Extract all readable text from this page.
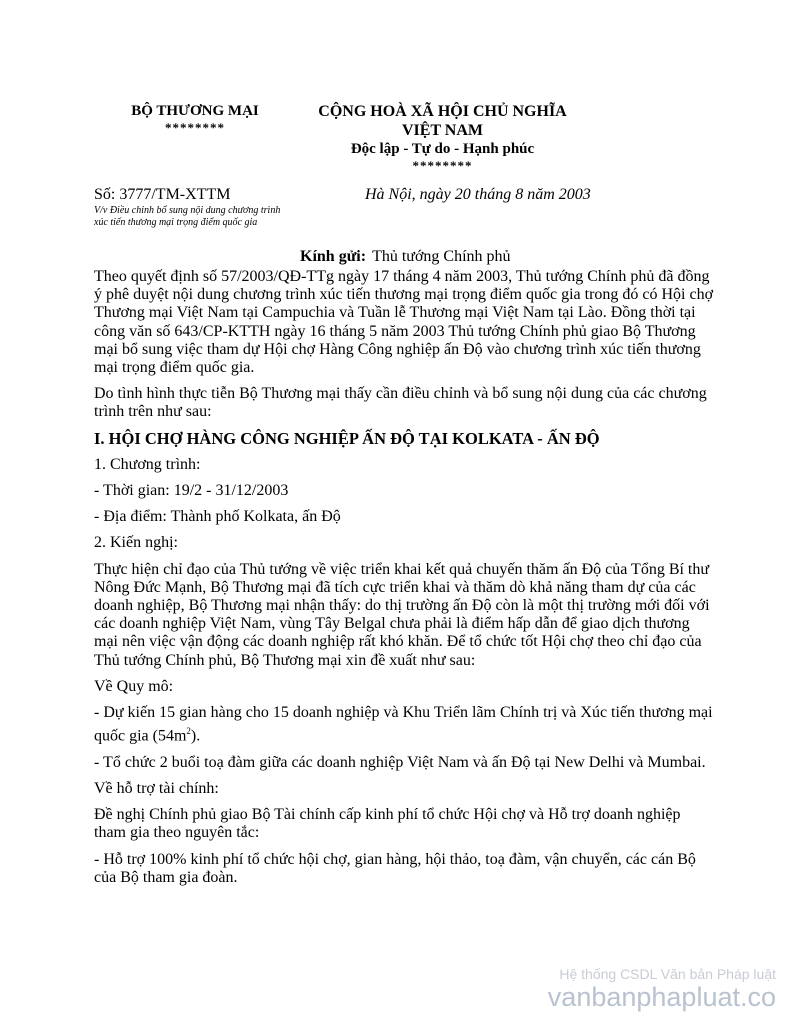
BỘ THƯƠNG MẠI
********
CỘNG HOÀ XÃ HỘI CHỦ NGHĨA
VIỆT NAM
Độc lập - Tự do - Hạnh phúc
********
Số: 3777/TM-XTTM
V/v Điều chỉnh bổ sung nội dung chương trình xúc tiến thương mại trọng điểm quốc gia
Hà Nội, ngày 20 tháng 8 năm 2003
Kính gửi: Thủ tướng Chính phủ

Theo quyết định số 57/2003/QĐ-TTg ngày 17 tháng 4 năm 2003, Thủ tướng Chính phủ đã đồng ý phê duyệt nội dung chương trình xúc tiến thương mại trọng điểm quốc gia trong đó có Hội chợ Thương mại Việt Nam tại Campuchia và Tuần lễ Thương mại Việt Nam tại Lào. Đồng thời tại công văn số 643/CP-KTTH ngày 16 tháng 5 năm 2003 Thủ tướng Chính phủ giao Bộ Thương mại bổ sung việc tham dự Hội chợ Hàng Công nghiệp ấn Độ vào chương trình xúc tiến thương mại trọng điểm quốc gia.

Do tình hình thực tiễn Bộ Thương mại thấy cần điều chỉnh và bổ sung nội dung của các chương trình trên như sau:

I. HỘI CHỢ HÀNG CÔNG NGHIỆP ẤN ĐỘ TẠI KOLKATA - ẤN ĐỘ

1. Chương trình:

- Thời gian: 19/2 - 31/12/2003

- Địa điểm: Thành phố Kolkata, ấn Độ

2. Kiến nghị:

Thực hiện chỉ đạo của Thủ tướng về việc triển khai kết quả chuyến thăm ấn Độ của Tổng Bí thư Nông Đức Mạnh, Bộ Thương mại đã tích cực triển khai và thăm dò khả năng tham dự của các doanh nghiệp, Bộ Thương mại nhận thấy: do thị trường ấn Độ còn là một thị trường mới đối với các doanh nghiệp Việt Nam, vùng Tây Belgal chưa phải là điểm hấp dẫn để giao dịch thương mại nên việc vận động các doanh nghiệp rất khó khăn. Để tổ chức tốt Hội chợ theo chỉ đạo của Thủ tướng Chính phủ, Bộ Thương mại xin đề xuất như sau:

Về Quy mô:

- Dự kiến 15 gian hàng cho 15 doanh nghiệp và Khu Triển lãm Chính trị và Xúc tiến thương mại quốc gia $(54m^2)$.

- Tổ chức 2 buổi toạ đàm giữa các doanh nghiệp Việt Nam và ấn Độ tại New Delhi và Mumbai.

Về hỗ trợ tài chính:

Đề nghị Chính phủ giao Bộ Tài chính cấp kinh phí tổ chức Hội chợ và Hỗ trợ doanh nghiệp tham gia theo nguyên tắc:

- Hỗ trợ 100% kinh phí tổ chức hội chợ, gian hàng, hội thảo, toạ đàm, vận chuyển, các cán Bộ của Bộ tham gia đoàn.

Hệ thống CSDL Văn bản Pháp luật
vanbanphapluat.co
